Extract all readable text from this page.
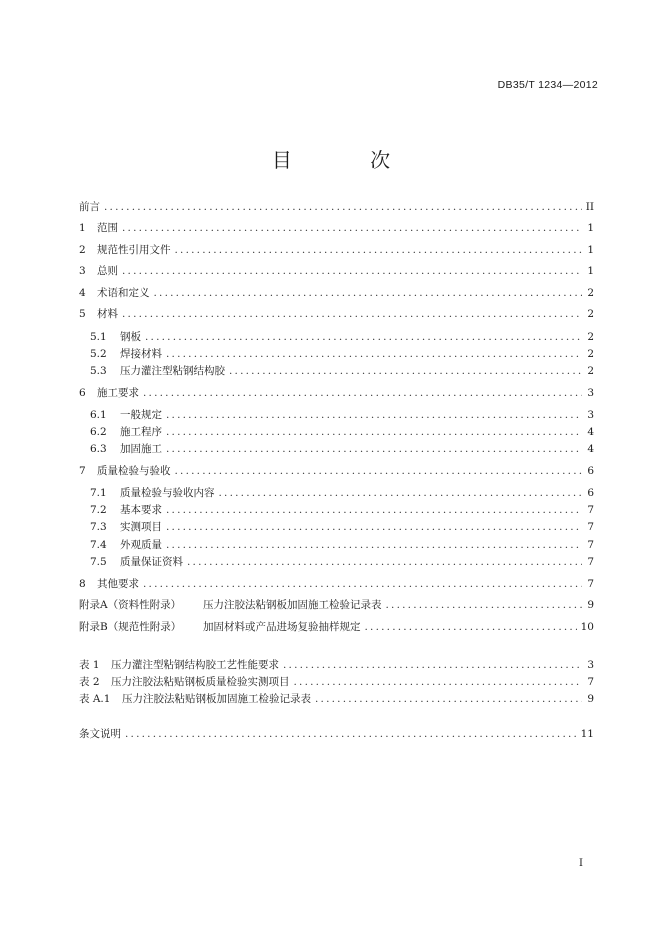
DB35/T 1234—2012
目 次
前言 .....	II
1	范围 .....	1
2	规范性引用文件 .....	1
3	总则 .....	1
4	术语和定义 .....	2
5	材料 .....	2
5.1	钢板 .....	2
5.2	焊接材料 .....	2
5.3	压力灌注型粘钢结构胶 .....	2
6	施工要求 .....	3
6.1	一般规定 .....	3
6.2	施工程序 .....	4
6.3	加固施工 .....	4
7	质量检验与验收 .....	6
7.1	质量检验与验收内容 .....	6
7.2	基本要求 .....	7
7.3	实测项目 .....	7
7.4	外观质量 .....	7
7.5	质量保证资料 .....	7
8	其他要求 .....	7
附录A（资料性附录）	压力注胶法粘钢板加固施工检验记录表 .....	9
附录B（规范性附录）	加固材料或产品进场复验抽样规定 .....	10
表 1	压力灌注型粘钢结构胶工艺性能要求 .....	3
表 2	压力注胶法粘贴钢板质量检验实测项目 .....	7
表 A.1	压力注胶法粘贴钢板加固施工检验记录表 .....	9
条文说明 .....	11
I
